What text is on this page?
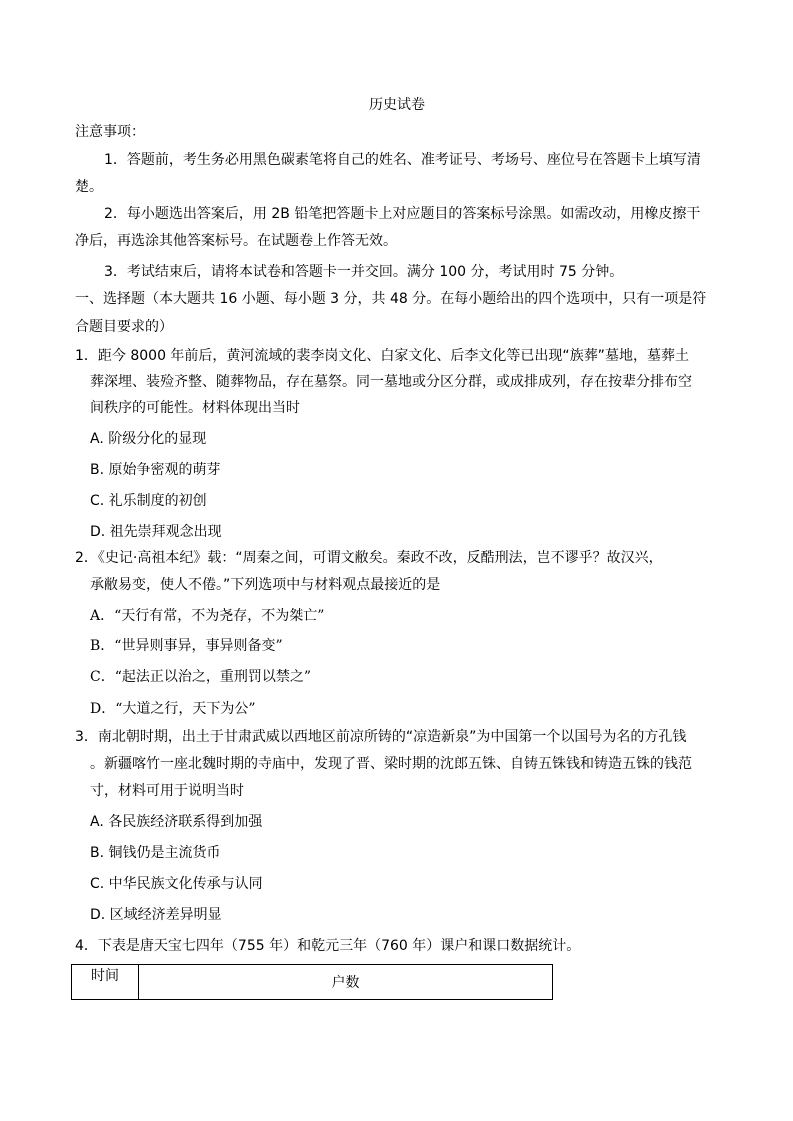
历史试卷
注意事项：
1．答题前，考生务必用黑色碳素笔将自己的姓名、准考证号、考场号、座位号在答题卡上填写清
楚。
2．每小题选出答案后，用 2B 铅笔把答题卡上对应题目的答案标号涂黑。如需改动，用橡皮擦干
净后，再选涂其他答案标号。在试题卷上作答无效。
3．考试结束后，请将本试卷和答题卡一并交回。满分 100 分，考试用时 75 分钟。
一、选择题（本大题共 16 小题、每小题 3 分，共 48 分。在每小题给出的四个选项中，只有一项是符
合题目要求的）
1．距今 8000 年前后，黄河流域的裴李岗文化、白家文化、后李文化等已出现“族葬”墓地，墓葬土
葬深埋、装殓齐整、随葬物品，存在墓祭。同一墓地或分区分群，或成排成列，存在按辈分排布空
间秩序的可能性。材料体现出当时
A. 阶级分化的显现
B. 原始争密观的萌芽
C. 礼乐制度的初创
D. 祖先崇拜观念出现
2．《史记·高祖本纪》载：“周秦之间，可谓文敝矣。秦政不改，反酷刑法，岂不谬乎？故汉兴，
承敝易变，使人不倦。”下列选项中与材料观点最接近的是
A．“天行有常，不为尧存，不为桀亡”
B．“世异则事异，事异则备变”
C．“起法正以治之，重刑罚以禁之”
D．“大道之行，天下为公”
3．南北朝时期，出土于甘肃武威以西地区前凉所铸的“凉造新泉”为中国第一个以国号为名的方孔钱
。新疆喀竹一座北魏时期的寺庙中，发现了晋、梁时期的沈郎五铢、自铸五铢钱和铸造五铢的钱范
寸，材料可用于说明当时
A. 各民族经济联系得到加强
B. 铜钱仍是主流货币
C. 中华民族文化传承与认同
D. 区域经济差异明显
4．下表是唐天宝七四年（755 年）和乾元三年（760 年）课户和课口数据统计。
时间	户数
